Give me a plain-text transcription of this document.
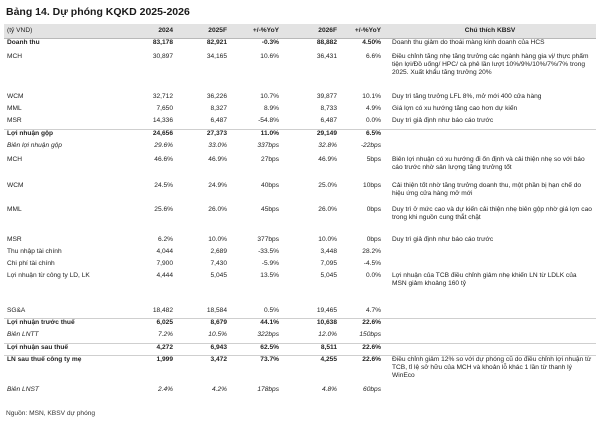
Bảng 14. Dự phóng KQKD 2025-2026
(tỷ VND)	2024	2025F	+/-%YoY	2026F	+/-%YoY	Chú thích KBSV
Doanh thu	83,178	82,921	-0.3%	88,882	4.50%	Doanh thu giảm do thoái màng kinh doanh của HCS
MCH	30,897	34,165	10.6%	36,431	6.6%	Điều chỉnh tăng nhẹ tăng trưởng các ngành hàng gia vị/ thực phẩm tiện lợi/Đồ uống/ HPC/ cà phê lần lượt 10%/9%/10%/7%/7% trong 2025. Xuất khẩu tăng trưởng 20%
WCM	32,712	36,226	10.7%	39,877	10.1%	Duy trì tăng trưởng LFL 8%, mở mới 400 cửa hàng
MML	7,650	8,327	8.9%	8,733	4.9%	Giá lợn có xu hướng tăng cao hơn dự kiến
MSR	14,336	6,487	-54.8%	6,487	0.0%	Duy trì giả định như báo cáo trước
Lợi nhuận gộp	24,656	27,373	11.0%	29,149	6.5%	
Biên lợi nhuận gộp	29.6%	33.0%	337bps	32.8%	-22bps	
MCH	46.6%	46.9%	27bps	46.9%	5bps	Biên lợi nhuận có xu hướng đi ổn định và cải thiện nhẹ so với báo cáo trước nhờ sản lượng tăng trưởng tốt
WCM	24.5%	24.9%	40bps	25.0%	10bps	Cải thiện tốt nhờ tăng trưởng doanh thu, một phần bị hạn chế do hiệu ứng cửa hàng mở mới
MML	25.6%	26.0%	45bps	26.0%	0bps	Duy trì ở mức cao và dự kiến cải thiện nhẹ biên gộp nhờ giá lợn cao trong khi nguồn cung thắt chặt
MSR	6.2%	10.0%	377bps	10.0%	0bps	Duy trì giả định như báo cáo trước
Thu nhập tài chính	4,044	2,689	-33.5%	3,448	28.2%	
Chi phí tài chính	7,900	7,430	-5.9%	7,095	-4.5%	
Lợi nhuận từ công ty LD, LK	4,444	5,045	13.5%	5,045	0.0%	Lợi nhuận của TCB điều chỉnh giảm nhẹ khiến LN từ LDLK của MSN giảm khoảng 160 tỷ
SG&A	18,482	18,584	0.5%	19,465	4.7%	
Lợi nhuận trước thuế	6,025	8,679	44.1%	10,638	22.6%	
Biên LNTT	7.2%	10.5%	322bps	12.0%	150bps	
Lợi nhuận sau thuế	4,272	6,943	62.5%	8,511	22.6%	
LN sau thuế công ty mẹ	1,999	3,472	73.7%	4,255	22.6%	Điều chỉnh giảm 12% so với dự phóng cũ do điều chỉnh lợi nhuận từ TCB, tỉ lệ sở hữu của MCH và khoản lỗ khác 1 lần từ thanh lý WinEco
Biên LNST	2.4%	4.2%	178bps	4.8%	60bps	
Nguồn: MSN, KBSV dự phóng
